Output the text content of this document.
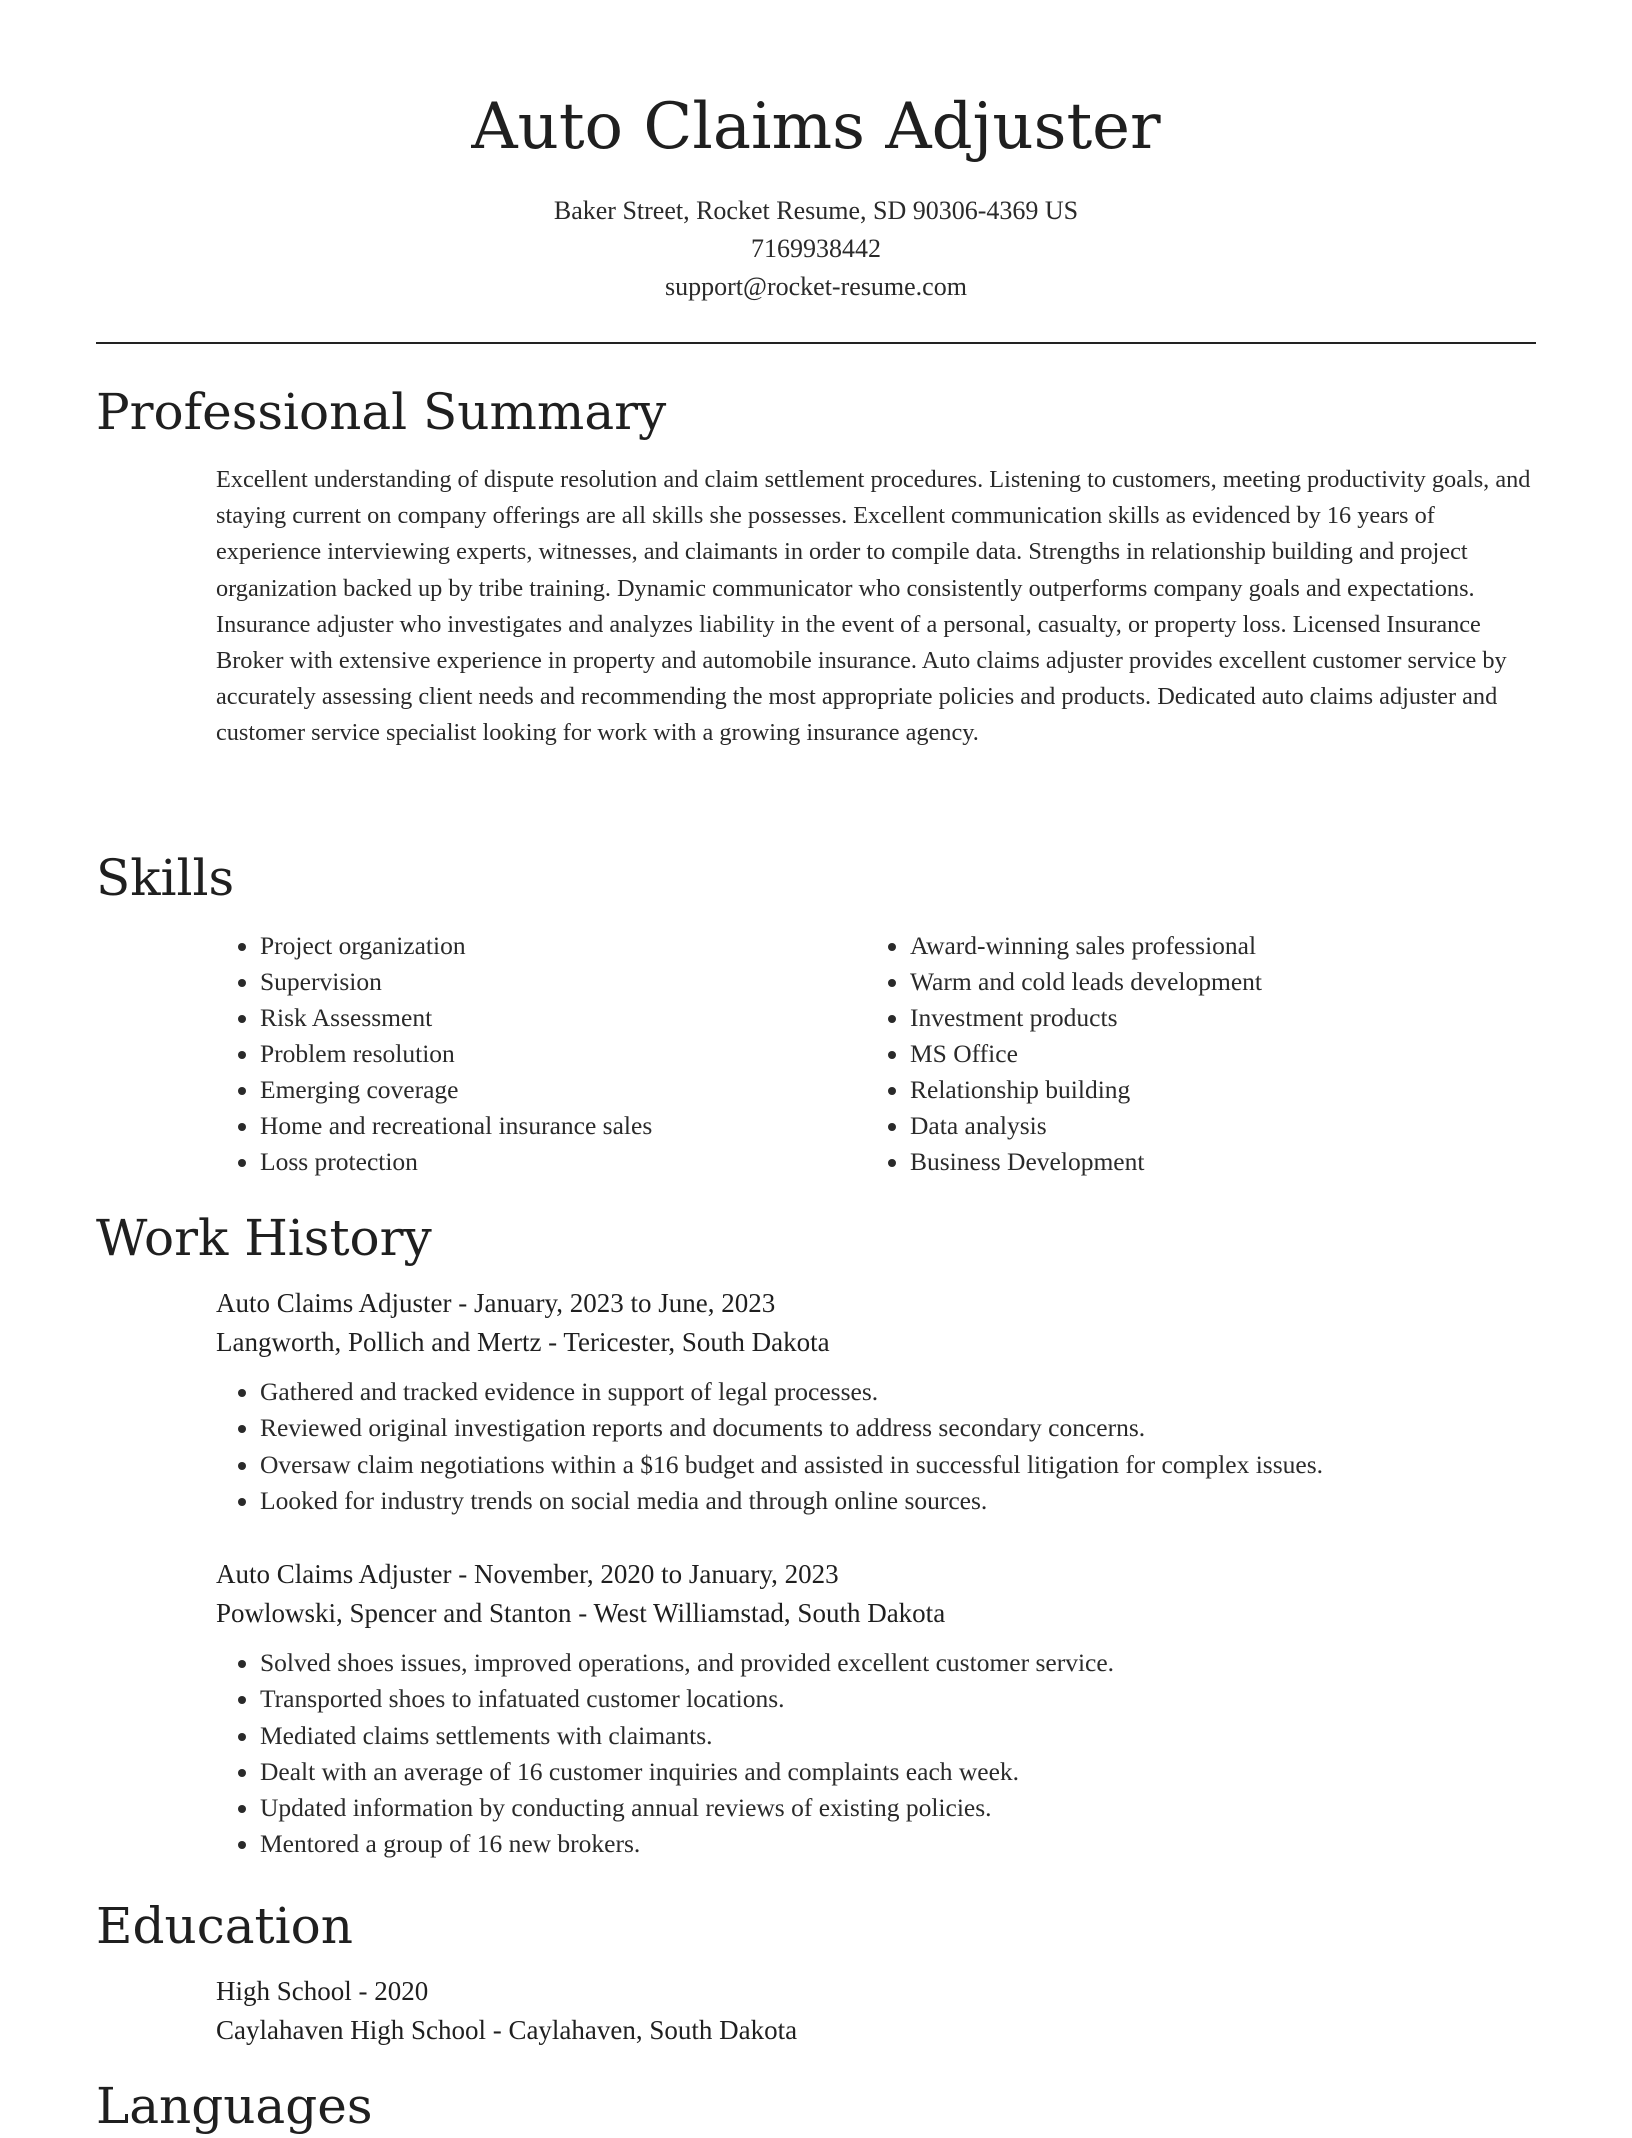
Auto Claims Adjuster
Baker Street, Rocket Resume, SD 90306-4369 US
7169938442
support@rocket-resume.com
Professional Summary
Excellent understanding of dispute resolution and claim settlement procedures. Listening to customers, meeting productivity goals, and staying current on company offerings are all skills she possesses. Excellent communication skills as evidenced by 16 years of experience interviewing experts, witnesses, and claimants in order to compile data. Strengths in relationship building and project organization backed up by tribe training. Dynamic communicator who consistently outperforms company goals and expectations. Insurance adjuster who investigates and analyzes liability in the event of a personal, casualty, or property loss. Licensed Insurance Broker with extensive experience in property and automobile insurance. Auto claims adjuster provides excellent customer service by accurately assessing client needs and recommending the most appropriate policies and products. Dedicated auto claims adjuster and customer service specialist looking for work with a growing insurance agency.
Skills
• Project organization
• Supervision
• Risk Assessment
• Problem resolution
• Emerging coverage
• Home and recreational insurance sales
• Loss protection
• Award-winning sales professional
• Warm and cold leads development
• Investment products
• MS Office
• Relationship building
• Data analysis
• Business Development
Work History
Auto Claims Adjuster - January, 2023 to June, 2023
Langworth, Pollich and Mertz - Tericester, South Dakota
• Gathered and tracked evidence in support of legal processes.
• Reviewed original investigation reports and documents to address secondary concerns.
• Oversaw claim negotiations within a $16 budget and assisted in successful litigation for complex issues.
• Looked for industry trends on social media and through online sources.
Auto Claims Adjuster - November, 2020 to January, 2023
Powlowski, Spencer and Stanton - West Williamstad, South Dakota
• Solved shoes issues, improved operations, and provided excellent customer service.
• Transported shoes to infatuated customer locations.
• Mediated claims settlements with claimants.
• Dealt with an average of 16 customer inquiries and complaints each week.
• Updated information by conducting annual reviews of existing policies.
• Mentored a group of 16 new brokers.
Education
High School - 2020
Caylahaven High School - Caylahaven, South Dakota
Languages
